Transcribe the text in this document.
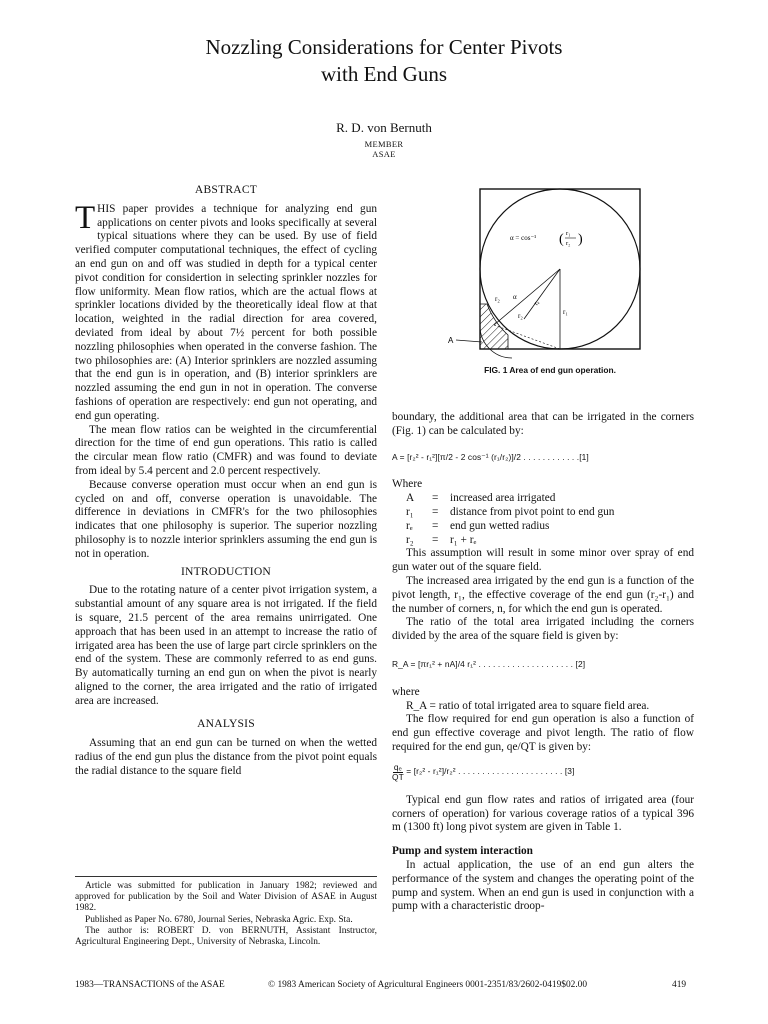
Nozzling Considerations for Center Pivots
with End Guns
R. D. von Bernuth
MEMBER
ASAE
ABSTRACT

THIS paper provides a technique for analyzing end gun applications on center pivots and looks specifically at several typical situations where they can be used. By use of field verified computer computational techniques, the effect of cycling an end gun on and off was studied in depth for a typical center pivot condition for considertion in selecting sprinkler nozzles for flow uniformity. Mean flow ratios, which are the actual flows at sprinkler locations divided by the theoretically ideal flow at that location, weighted in the radial direction for area covered, deviated from ideal by about 7½ percent for both possible nozzling philosophies when operated in the converse fashion. The two philosophies are: (A) Interior sprinklers are nozzled assuming that the end gun is in operation, and (B) interior sprinklers are nozzled assuming the end gun in not in operation. The converse fashions of operation are respectively: end gun not operating, and end gun operating.

The mean flow ratios can be weighted in the circumferential direction for the time of end gun operations. This ratio is called the circular mean flow ratio (CMFR) and was found to deviate from ideal by 5.4 percent and 2.0 percent respectively.

Because converse operation must occur when an end gun is cycled on and off, converse operation is unavoidable. The difference in deviations in CMFR's for the two philosophies indicates that one philosophy is superior. The superior nozzling philosophy is to nozzle interior sprinklers assuming the end gun is not in operation.

INTRODUCTION

Due to the rotating nature of a center pivot irrigation system, a substantial amount of any square area is not irrigated. If the field is square, 21.5 percent of the area remains unirrigated. One approach that has been used in an attempt to increase the ratio of irrigated area has been the use of large part circle sprinklers on the end of the system. These are commonly referred to as end guns. By automatically turning an end gun on when the pivot is nearly aligned to the corner, the area irrigated and the ratio of irrigated area are increased.

ANALYSIS

Assuming that an end gun can be turned on when the wetted radius of the end gun plus the distance from the pivot point equals the radial distance to the square field

Article was submitted for publication in January 1982; reviewed and approved for publication by the Soil and Water Division of ASAE in August 1982.

Published as Paper No. 6780, Journal Series, Nebraska Agric. Exp. Sta.

The author is: ROBERT D. von BERNUTH, Assistant Instructor, Agricultural Engineering Dept., University of Nebraska, Lincoln.

A
α = cos⁻¹ ( r₁
r₂ )
r₂ α
rₑ
r₁
r₂
FIG. 1 Area of end gun operation.

boundary, the additional area that can be irrigated in the corners (Fig. 1) can be calculated by:

A = [r₂² - r₁²][π/2 - 2 cos⁻¹ (r₁/r₂)]/2 . . . . . . . . . . . .[1]

Where

A	=	increased area irrigated
r₁	=	distance from pivot point to end gun
rₑ	=	end gun wetted radius
r₂	=	r₁ + rₑ

This assumption will result in some minor over spray of end gun water out of the square field.

The increased area irrigated by the end gun is a function of the pivot length, r₁, the effective coverage of the end gun (r₂-r₁) and the number of corners, n, for which the end gun is operated.

The ratio of the total area irrigated including the corners divided by the area of the square field is given by:

R_A = [πr₁² + nA]/4 r₁² . . . . . . . . . . . . . . . . . . . . [2]

where

R_A = ratio of total irrigated area to square field area.

The flow required for end gun operation is also a function of end gun effective coverage and pivot length. The ratio of flow required for the end gun, qe/QT is given by:

$\frac{\text{qₑ}}{QT} = [r_2^2 - r_1^2]/r_2^2$ . . . . . . . . . . . . . . . . . . . . . . [3]

Typical end gun flow rates and ratios of irrigated area (four corners of operation) for various coverage ratios of a typical 396 m (1300 ft) long pivot system are given in Table 1.

Pump and system interaction

In actual application, the use of an end gun alters the performance of the system and changes the operating point of the pump and system. When an end gun is used in conjunction with a pump with a characteristic droop-

1983—TRANSACTIONS of the ASAE	© 1983 American Society of Agricultural Engineers 0001-2351/83/2602-0419$02.00	419
